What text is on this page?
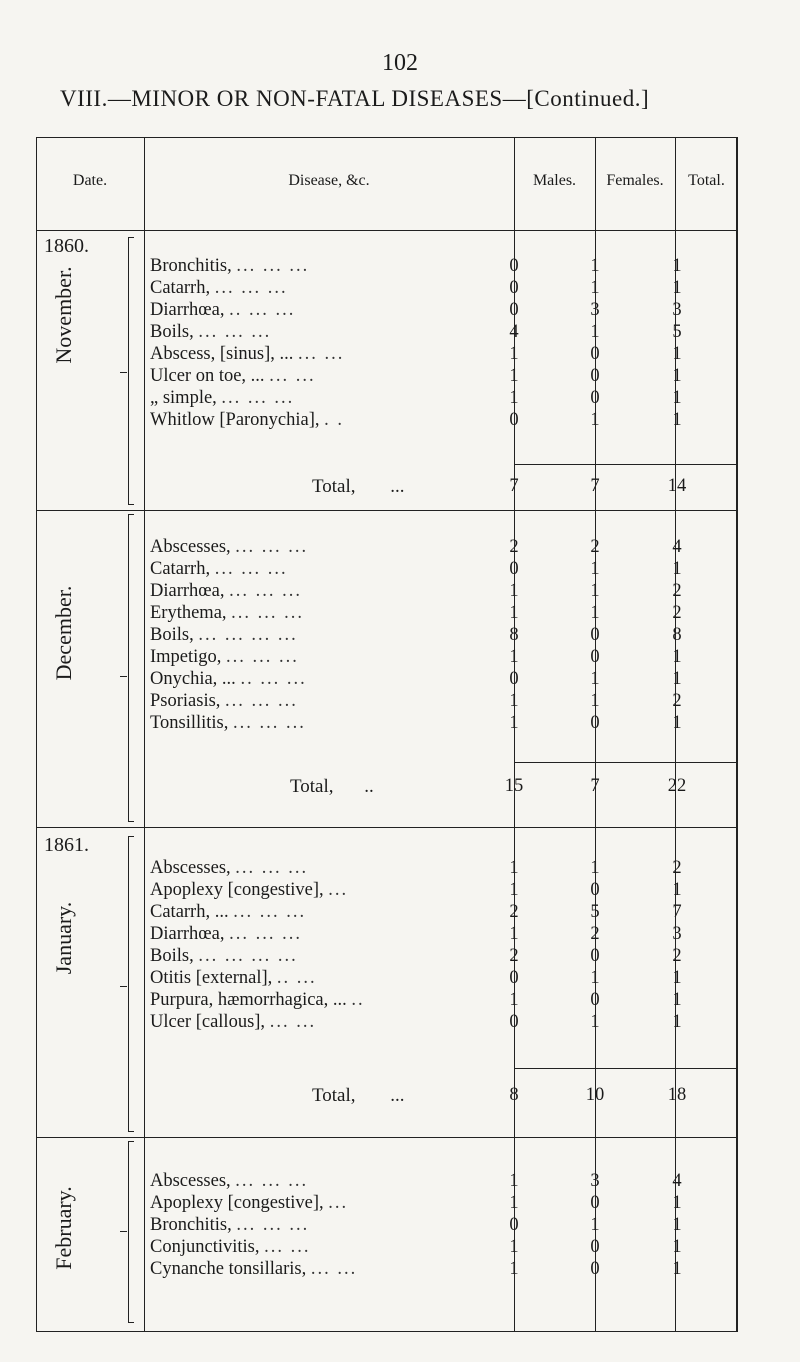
102
VIII.—MINOR OR NON-FATAL DISEASES—[Continued.]
Date.	Disease, &c.	Males.	Females.	Total.
1860.
November.
Bronchitis, ... ... ...	0	1	1
Catarrh, ... ... ...	0	1	1
Diarrhœa, .. ... ...	0	3	3
Boils, ... ... ...	4	1	5
Abscess, [sinus], ... ... ...	1	0	1
Ulcer on toe, ... ... ...	1	0	1
„ simple, ... ... ...	1	0	1
Whitlow [Paronychia], . .	0	1	1
Total, ...	7	7	14
December.
Abscesses, ... ... ...	2	2	4
Catarrh, ... ... ...	0	1	1
Diarrhœa, ... ... ...	1	1	2
Erythema, ... ... ...	1	1	2
Boils, ... ... ... ...	8	0	8
Impetigo, ... ... ...	1	0	1
Onychia, ... .. ... ...	0	1	1
Psoriasis, ... ... ...	1	1	2
Tonsillitis, ... ... ...	1	0	1
Total, ..	15	7	22
1861.
January.
Abscesses, ... ... ...	1	1	2
Apoplexy [congestive], ...	1	0	1
Catarrh, ... ... ... ...	2	5	7
Diarrhœa, ... ... ...	1	2	3
Boils, ... ... ... ...	2	0	2
Otitis [external], .. ...	0	1	1
Purpura, hæmorrhagica, ... ..	1	0	1
Ulcer [callous], ... ...	0	1	1
Total, ...	8	10	18
February.
Abscesses, ... ... ...	1	3	4
Apoplexy [congestive], ...	1	0	1
Bronchitis, ... ... ...	0	1	1
Conjunctivitis, ... ...	1	0	1
Cynanche tonsillaris, ... ...	1	0	1
